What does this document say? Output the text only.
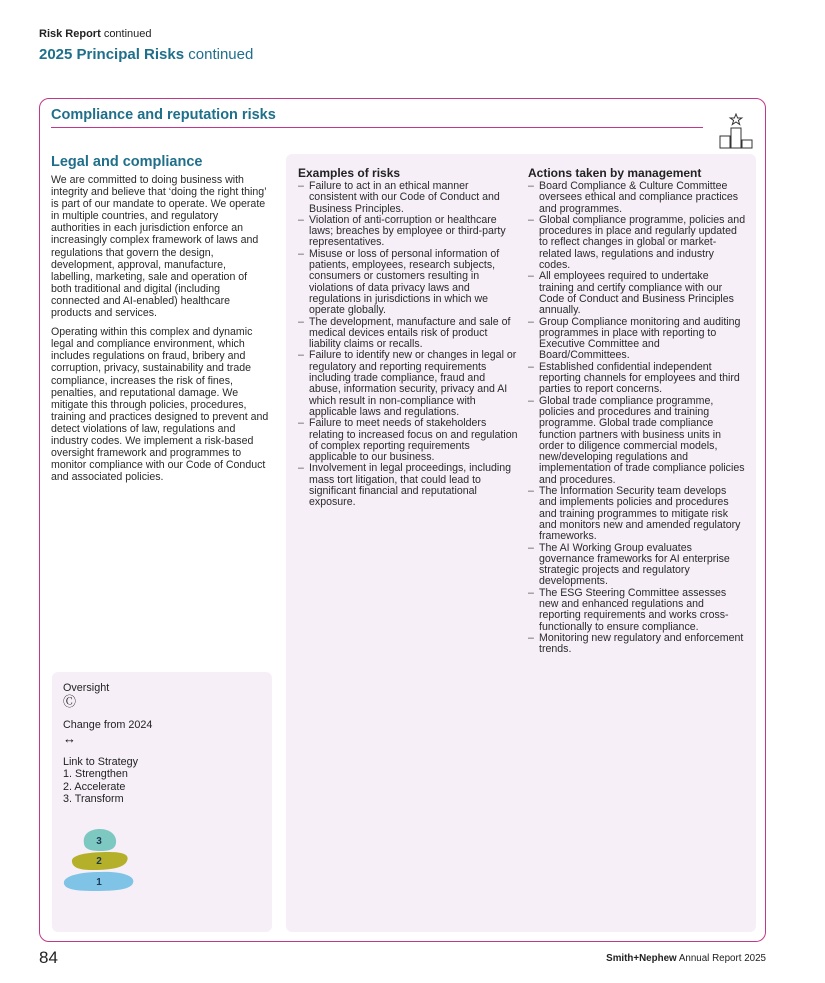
Risk Report continued
2025 Principal Risks continued
Compliance and reputation risks
Legal and compliance

We are committed to doing business with integrity and believe that ‘doing the right thing’ is part of our mandate to operate. We operate in multiple countries, and regulatory authorities in each jurisdiction enforce an increasingly complex framework of laws and regulations that govern the design, development, approval, manufacture, labelling, marketing, sale and operation of both traditional and digital (including connected and AI-enabled) healthcare products and services.

Operating within this complex and dynamic legal and compliance environment, which includes regulations on fraud, bribery and corruption, privacy, sustainability and trade compliance, increases the risk of fines, penalties, and reputational damage. We mitigate this through policies, procedures, training and practices designed to prevent and detect violations of law, regulations and industry codes. We implement a risk-based oversight framework and programmes to monitor compliance with our Code of Conduct and associated policies.

Oversight
Ⓒ
Change from 2024
↔
Link to Strategy
1. Strengthen
2. Accelerate
3. Transform
3
2
1
Examples of risks
– Failure to act in an ethical manner consistent with our Code of Conduct and Business Principles.
– Violation of anti-corruption or healthcare laws; breaches by employee or third-party representatives.
– Misuse or loss of personal information of patients, employees, research subjects, consumers or customers resulting in violations of data privacy laws and regulations in jurisdictions in which we operate globally.
– The development, manufacture and sale of medical devices entails risk of product liability claims or recalls.
– Failure to identify new or changes in legal or regulatory and reporting requirements including trade compliance, fraud and abuse, information security, privacy and AI which result in non-compliance with applicable laws and regulations.
– Failure to meet needs of stakeholders relating to increased focus on and regulation of complex reporting requirements applicable to our business.
– Involvement in legal proceedings, including mass tort litigation, that could lead to significant financial and reputational exposure.
Actions taken by management
– Board Compliance & Culture Committee oversees ethical and compliance practices and programmes.
– Global compliance programme, policies and procedures in place and regularly updated to reflect changes in global or market-related laws, regulations and industry codes.
– All employees required to undertake training and certify compliance with our Code of Conduct and Business Principles annually.
– Group Compliance monitoring and auditing programmes in place with reporting to Executive Committee and Board/Committees.
– Established confidential independent reporting channels for employees and third parties to report concerns.
– Global trade compliance programme, policies and procedures and training programme. Global trade compliance function partners with business units in order to diligence commercial models, new/developing regulations and implementation of trade compliance policies and procedures.
– The Information Security team develops and implements policies and procedures and training programmes to mitigate risk and monitors new and amended regulatory frameworks.
– The AI Working Group evaluates governance frameworks for AI enterprise strategic projects and regulatory developments.
– The ESG Steering Committee assesses new and enhanced regulations and reporting requirements and works cross-functionally to ensure compliance.
– Monitoring new regulatory and enforcement trends.
84	Smith+Nephew Annual Report 2025
